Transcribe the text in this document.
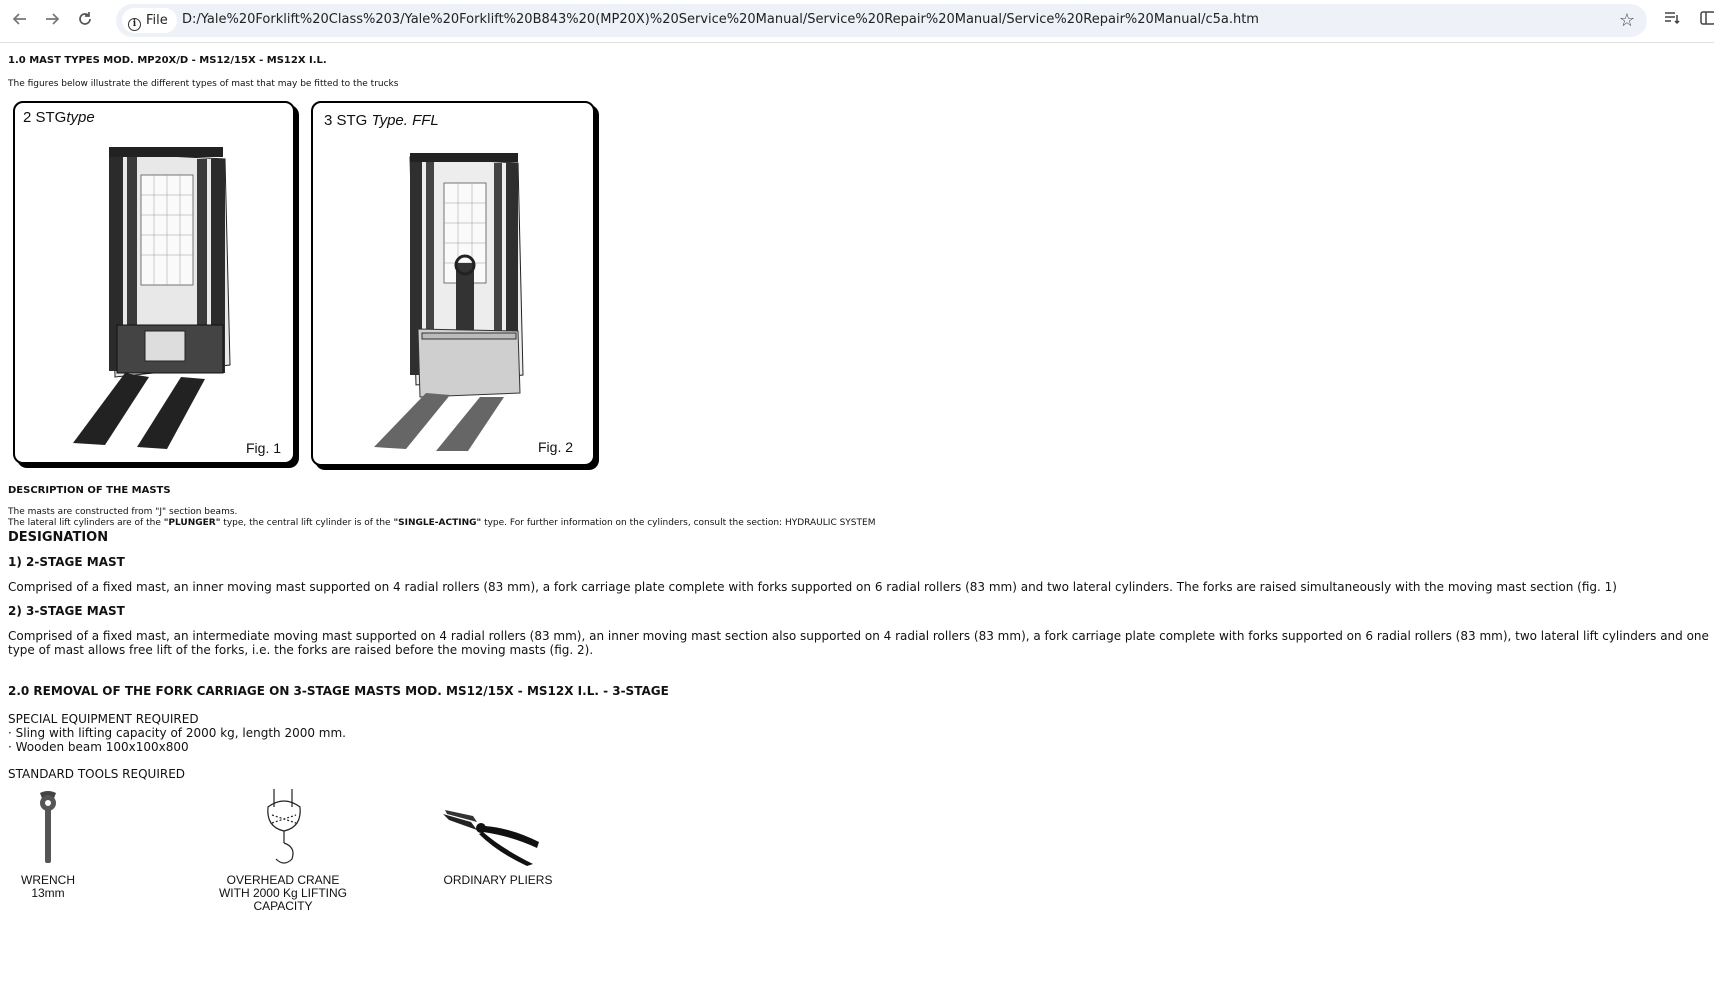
i File	D:/Yale%20Forklift%20Class%203/Yale%20Forklift%20B843%20(MP20X)%20Service%20Manual/Service%20Repair%20Manual/Service%20Repair%20Manual/c5a.htm	☆
1.0 MAST TYPES MOD. MP20X/D - MS12/15X - MS12X I.L.
The figures below illustrate the different types of mast that may be fitted to the trucks
2 STGtype
Fig. 1
3 STG Type. FFL
Fig. 2
DESCRIPTION OF THE MASTS
The masts are constructed from "J" section beams.
The lateral lift cylinders are of the "PLUNGER" type, the central lift cylinder is of the "SINGLE-ACTING" type. For further information on the cylinders, consult the section: HYDRAULIC SYSTEM
DESIGNATION
1) 2-STAGE MAST
Comprised of a fixed mast, an inner moving mast supported on 4 radial rollers (83 mm), a fork carriage plate complete with forks supported on 6 radial rollers (83 mm) and two lateral cylinders. The forks are raised simultaneously with the moving mast section (fig. 1)
2) 3-STAGE MAST
Comprised of a fixed mast, an intermediate moving mast supported on 4 radial rollers (83 mm), an inner moving mast section also supported on 4 radial rollers (83 mm), a fork carriage plate complete with forks supported on 6 radial rollers (83 mm), two lateral lift cylinders and one
type of mast allows free lift of the forks, i.e. the forks are raised before the moving masts (fig. 2).
2.0 REMOVAL OF THE FORK CARRIAGE ON 3-STAGE MASTS MOD. MS12/15X - MS12X I.L. - 3-STAGE
SPECIAL EQUIPMENT REQUIRED
· Sling with lifting capacity of 2000 kg, length 2000 mm.
· Wooden beam 100x100x800
STANDARD TOOLS REQUIRED
WRENCH
13mm
OVERHEAD CRANE
WITH 2000 Kg LIFTING
CAPACITY
ORDINARY PLIERS
